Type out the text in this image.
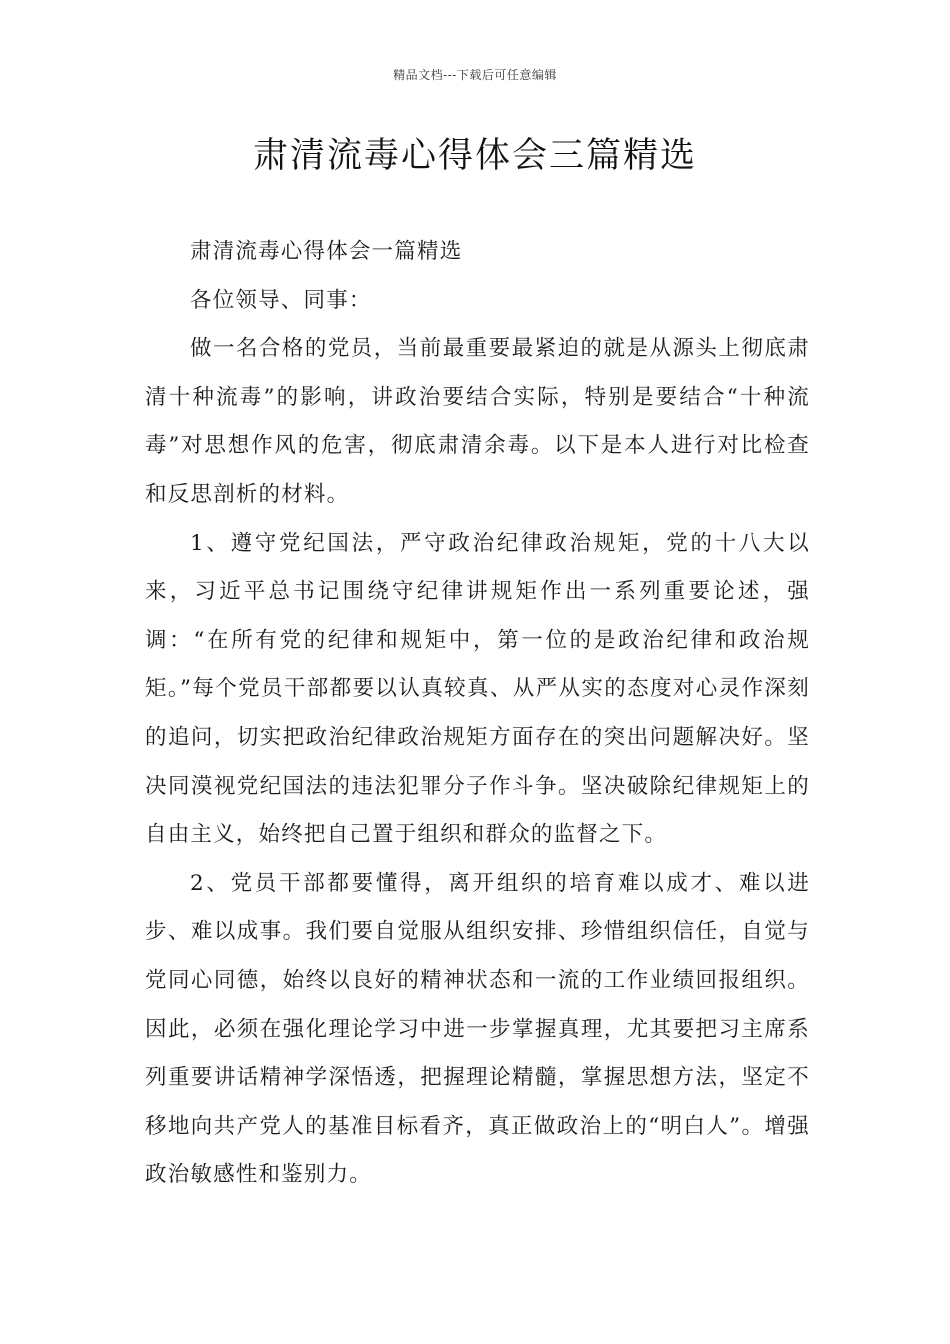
精品文档---下载后可任意编辑
肃清流毒心得体会三篇精选

肃清流毒心得体会一篇精选

各位领导、同事：

做一名合格的党员，当前最重要最紧迫的就是从源头上彻底肃清十种流毒”的影响，讲政治要结合实际，特别是要结合“十种流毒”对思想作风的危害，彻底肃清余毒。以下是本人进行对比检查和反思剖析的材料。

1、遵守党纪国法，严守政治纪律政治规矩，党的十八大以来，习近平总书记围绕守纪律讲规矩作出一系列重要论述，强调：“在所有党的纪律和规矩中，第一位的是政治纪律和政治规矩。”每个党员干部都要以认真较真、从严从实的态度对心灵作深刻的追问，切实把政治纪律政治规矩方面存在的突出问题解决好。坚决同漠视党纪国法的违法犯罪分子作斗争。坚决破除纪律规矩上的自由主义，始终把自己置于组织和群众的监督之下。

2、党员干部都要懂得，离开组织的培育难以成才、难以进步、难以成事。我们要自觉服从组织安排、珍惜组织信任，自觉与党同心同德，始终以良好的精神状态和一流的工作业绩回报组织。因此，必须在强化理论学习中进一步掌握真理，尤其要把习主席系列重要讲话精神学深悟透，把握理论精髓，掌握思想方法，坚定不移地向共产党人的基准目标看齐，真正做政治上的“明白人”。增强政治敏感性和鉴别力。
